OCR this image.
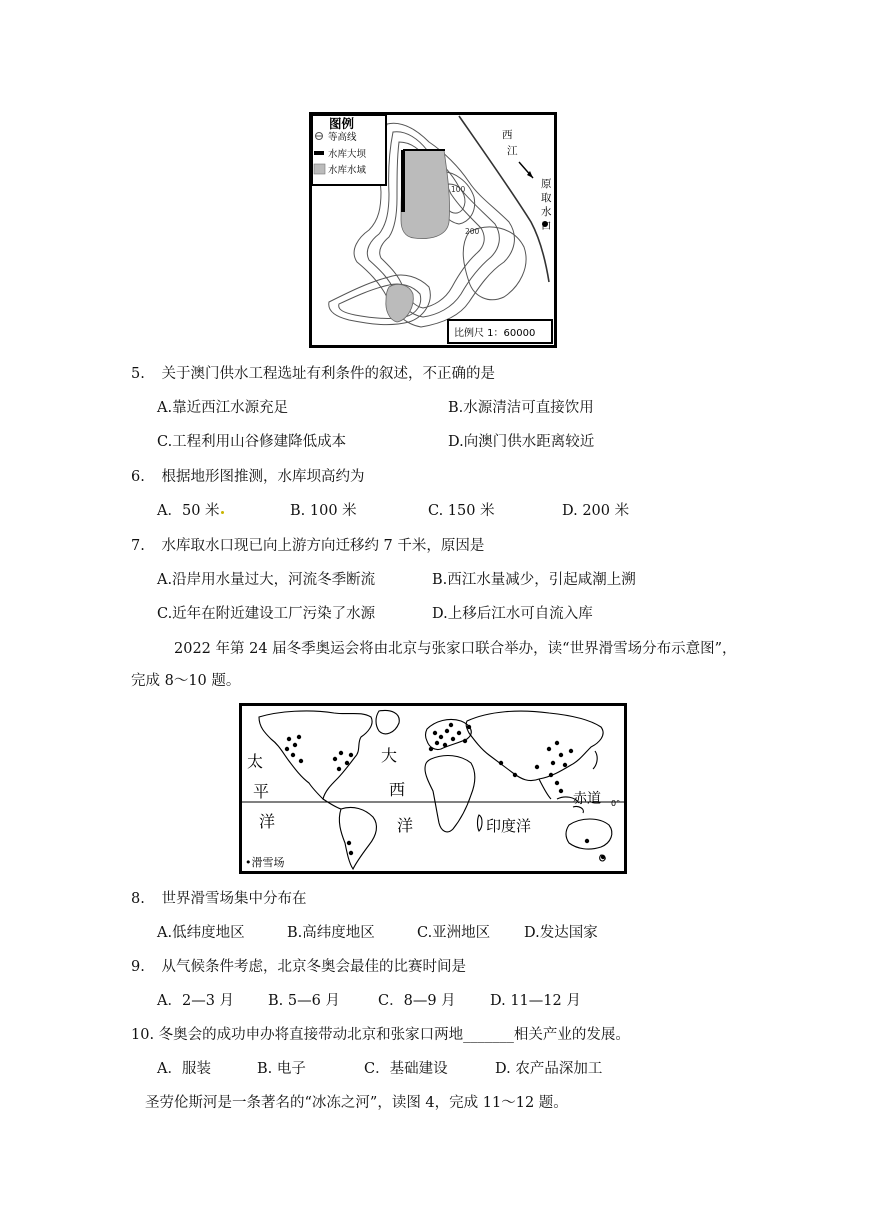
图例
等高线
水库大坝
水库水域
西
江
原
取
水
口
100
200
比例尺 1：60000
5. 关于澳门供水工程选址有利条件的叙述，不正确的是
A.靠近西江水源充足	B.水源清洁可直接饮用
C.工程利用山谷修建降低成本	D.向澳门供水距离较近
6. 根据地形图推测，水库坝高约为
A．50 米	B. 100 米	C. 150 米	D. 200 米
7. 水库取水口现已向上游方向迁移约 7 千米，原因是
A.沿岸用水量过大，河流冬季断流	B.西江水量减少，引起咸潮上溯
C.近年在附近建设工厂污染了水源	D.上移后江水可自流入库
2022 年第 24 届冬季奥运会将由北京与张家口联合举办，读“世界滑雪场分布示意图”，
完成 8～10 题。
太
平
洋
大
西
洋	印度洋
赤道 0°
•滑雪场
8. 世界滑雪场集中分布在
A.低纬度地区	B.高纬度地区	C.亚洲地区 D.发达国家
9. 从气候条件考虑，北京冬奥会最佳的比赛时间是
A．2—3 月 B. 5—6 月	C．8—9 月 D. 11—12 月
10. 冬奥会的成功申办将直接带动北京和张家口两地_______相关产业的发展。
A．服装	B. 电子	C．基础建设	D. 农产品深加工
圣劳伦斯河是一条著名的“冰冻之河”，读图 4，完成 11～12 题。
